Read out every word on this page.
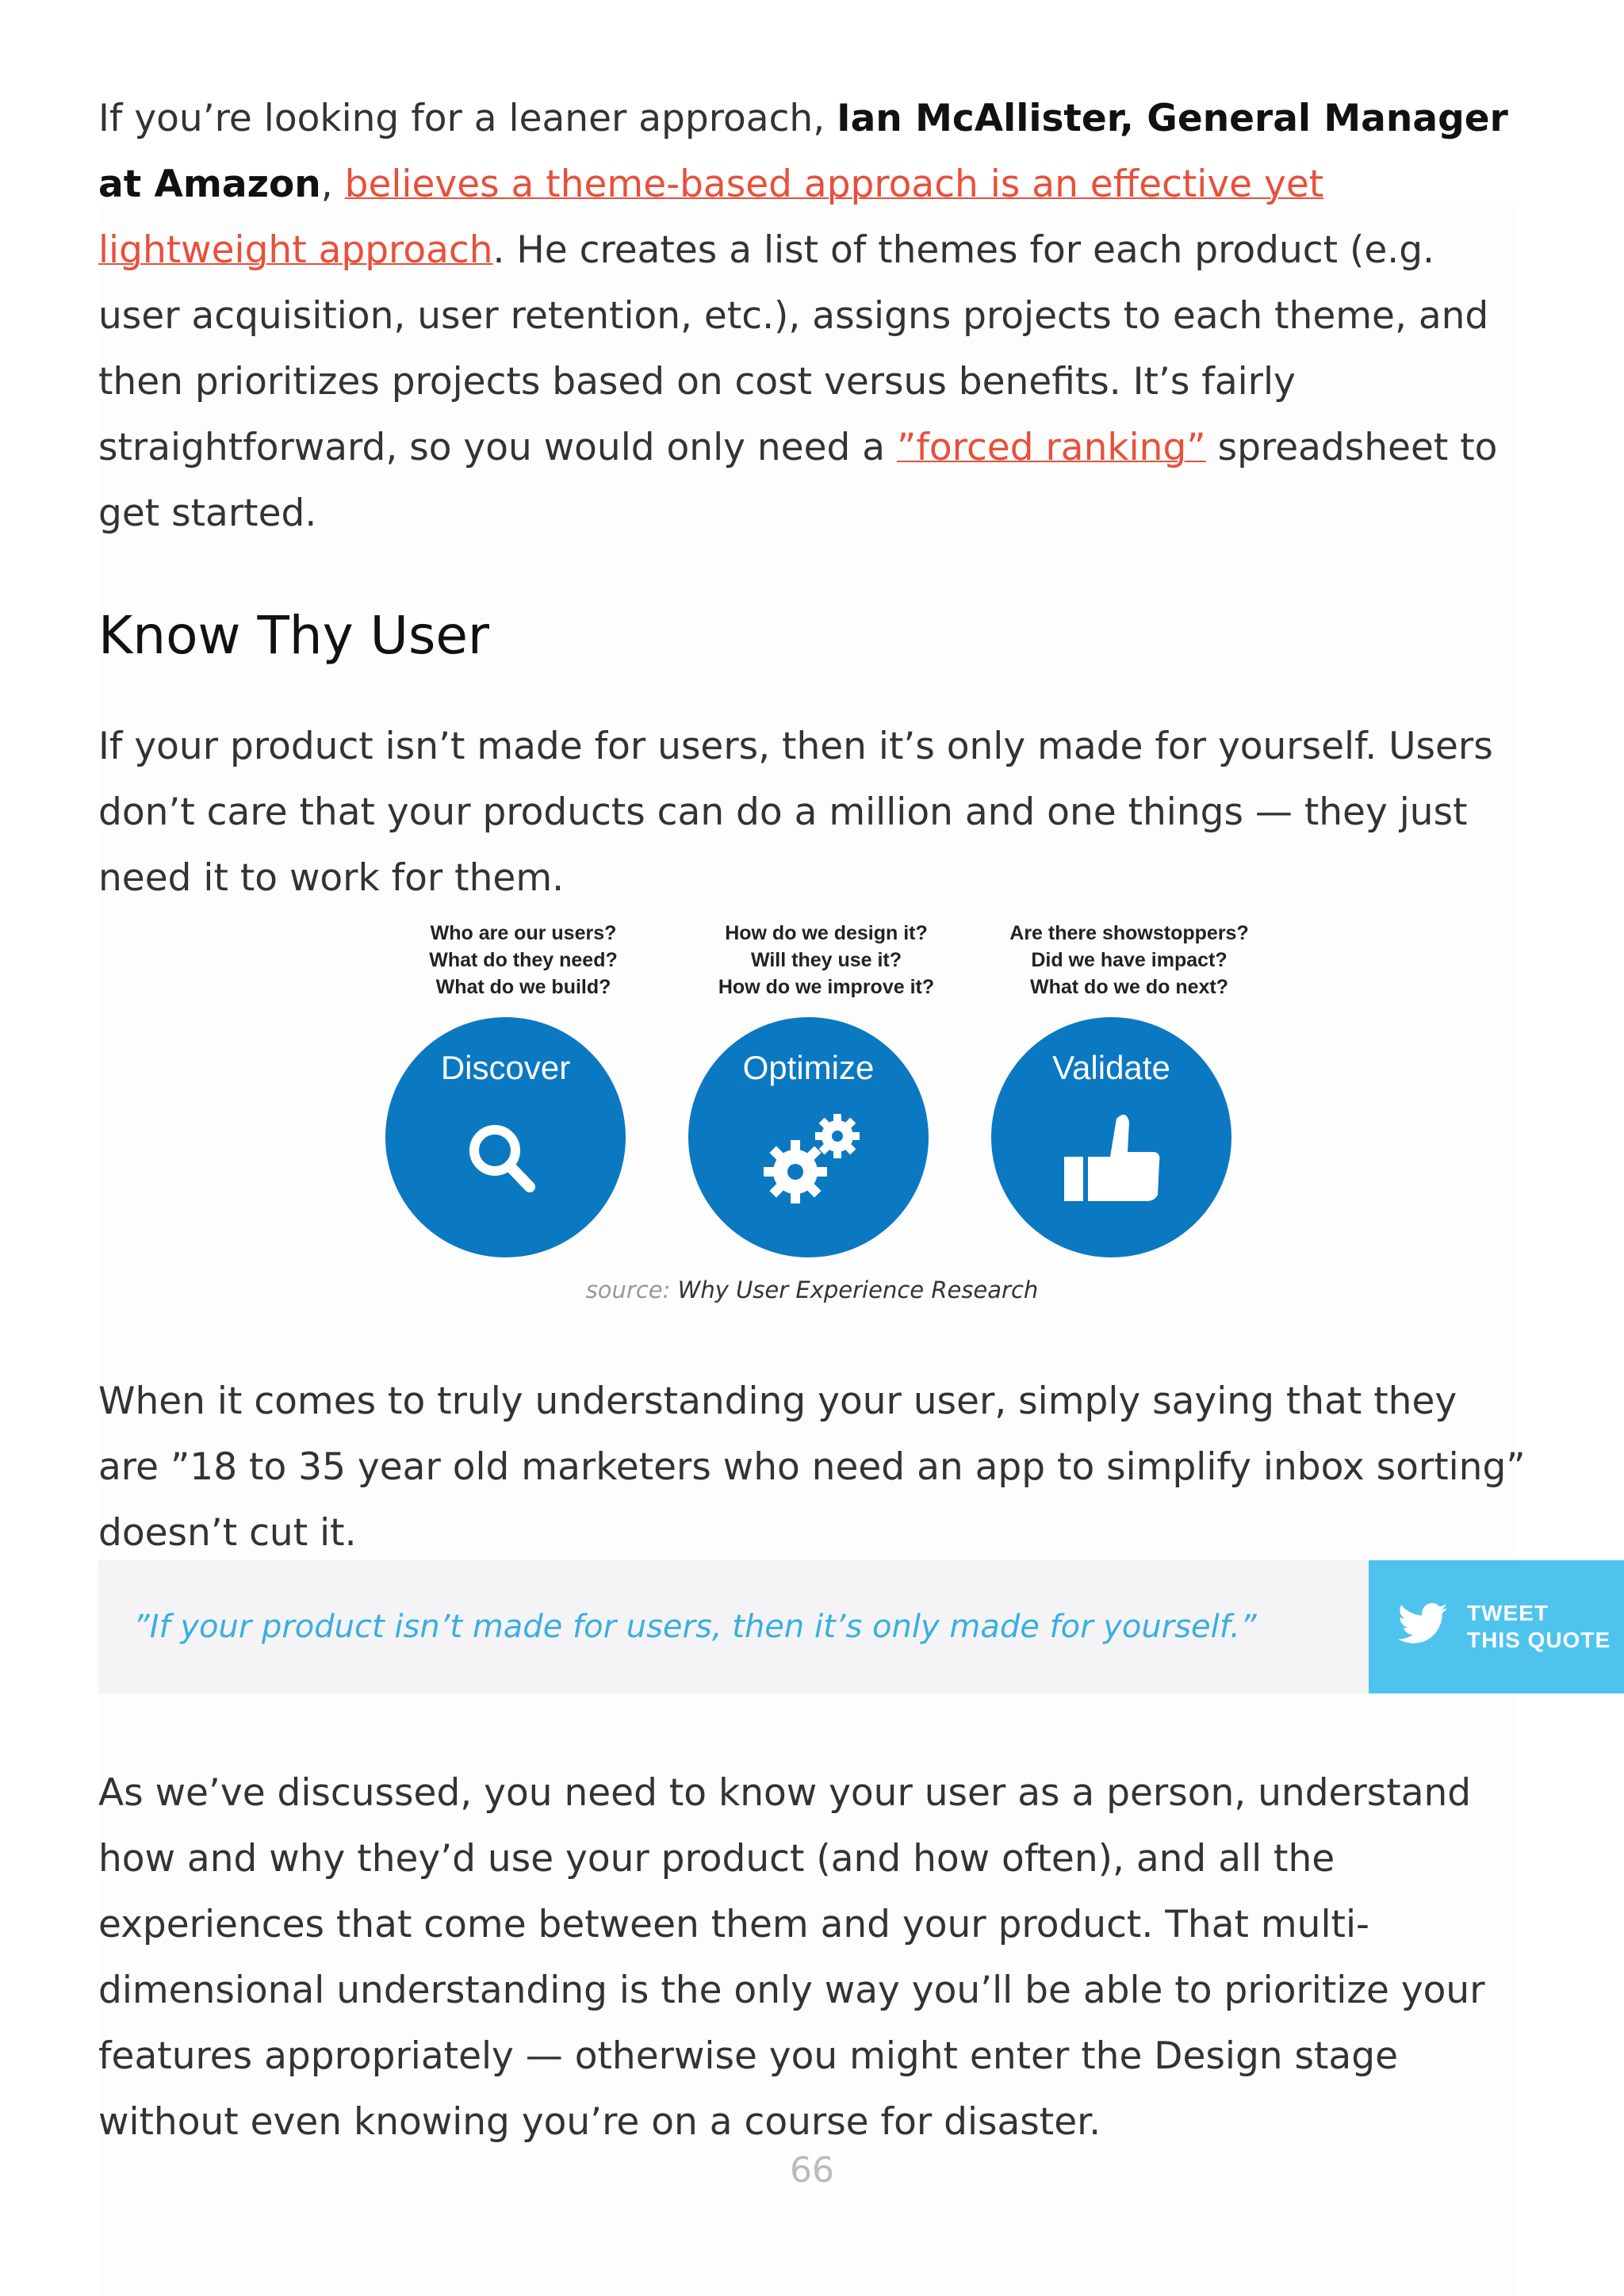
If you’re looking for a leaner approach, Ian McAllister, General Manager at Amazon, believes a theme-based approach is an effective yet lightweight approach. He creates a list of themes for each product (e.g. user acquisition, user retention, etc.), assigns projects to each theme, and then prioritizes projects based on cost versus benefits. It’s fairly straightforward, so you would only need a ”forced ranking” spreadsheet to get started.

Know Thy User

If your product isn’t made for users, then it’s only made for yourself. Users don’t care that your products can do a million and one things — they just need it to work for them.

Who are our users?

What do they need?

What do we build?

Discover

How do we design it?

Will they use it?

How do we improve it?

Optimize

Are there showstoppers?

Did we have impact?

What do we do next?

Validate
source: Why User Experience Research

When it comes to truly understanding your user, simply saying that they are ”18 to 35 year old marketers who need an app to simplify inbox sorting” doesn’t cut it.

”If your product isn’t made for users, then it’s only made for yourself.”	TWEET
THIS QUOTE

As we’ve discussed, you need to know your user as a person, understand how and why they’d use your product (and how often), and all the experiences that come between them and your product. That multi-dimensional understanding is the only way you’ll be able to prioritize your features appropriately — otherwise you might enter the Design stage without even knowing you’re on a course for disaster.

66
